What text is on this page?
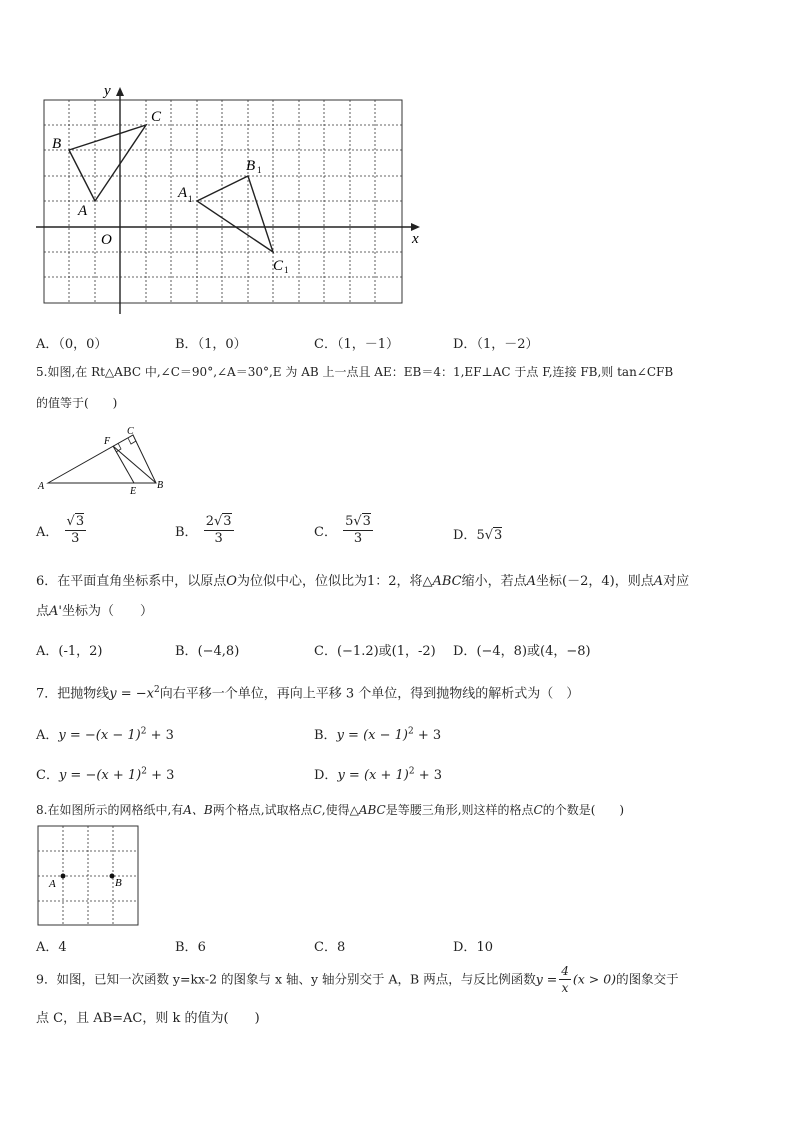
x
y
O
A
B
C
A 1
B 1
C 1
A．（0，0）	B．（1，0）	C．（1，－1）	D．（1，－2）
5.如图,在 Rt△ABC 中,∠C＝90°,∠A＝30°,E 为 AB 上一点且 AE：EB＝4：1,EF⊥AC 于点 F,连接 FB,则 tan∠CFB
的值等于(　　)
A	B
C
E
F
A． $\frac{√3}{3}$	B． $\frac{2√3}{3}$	C． $\frac{5√3}{3}$	D．5√3
6．在平面直角坐标系中，以原点O为位似中心，位似比为1：2，将△ABC缩小，若点A坐标(－2，4)，则点A对应
点A'坐标为（　　）
A．(-1，2)	B．(−4,8)	C．(−1.2)或(1，-2) D．(−4，8)或(4，−8)
7．把抛物线$y = -x^2$向右平移一个单位，再向上平移 3 个单位，得到抛物线的解析式为（　）
A．$y = -(x - 1)^2 + 3$	B．$y = (x - 1)^2 + 3$
C．$y = -(x + 1)^2 + 3$	D．$y = (x + 1)^2 + 3$
8.在如图所示的网格纸中,有A、B两个格点,试取格点C,使得△ABC是等腰三角形,则这样的格点C的个数是(　　)
A	B
A．4	B．6	C．8	D．10
9．如图，已知一次函数 y=kx-2 的图象与 x 轴、y 轴分别交于 A，B 两点，与反比例函数$y = \frac{4}{x} (x > 0)$的图象交于
点 C，且 AB=AC，则 k 的值为(　　)
